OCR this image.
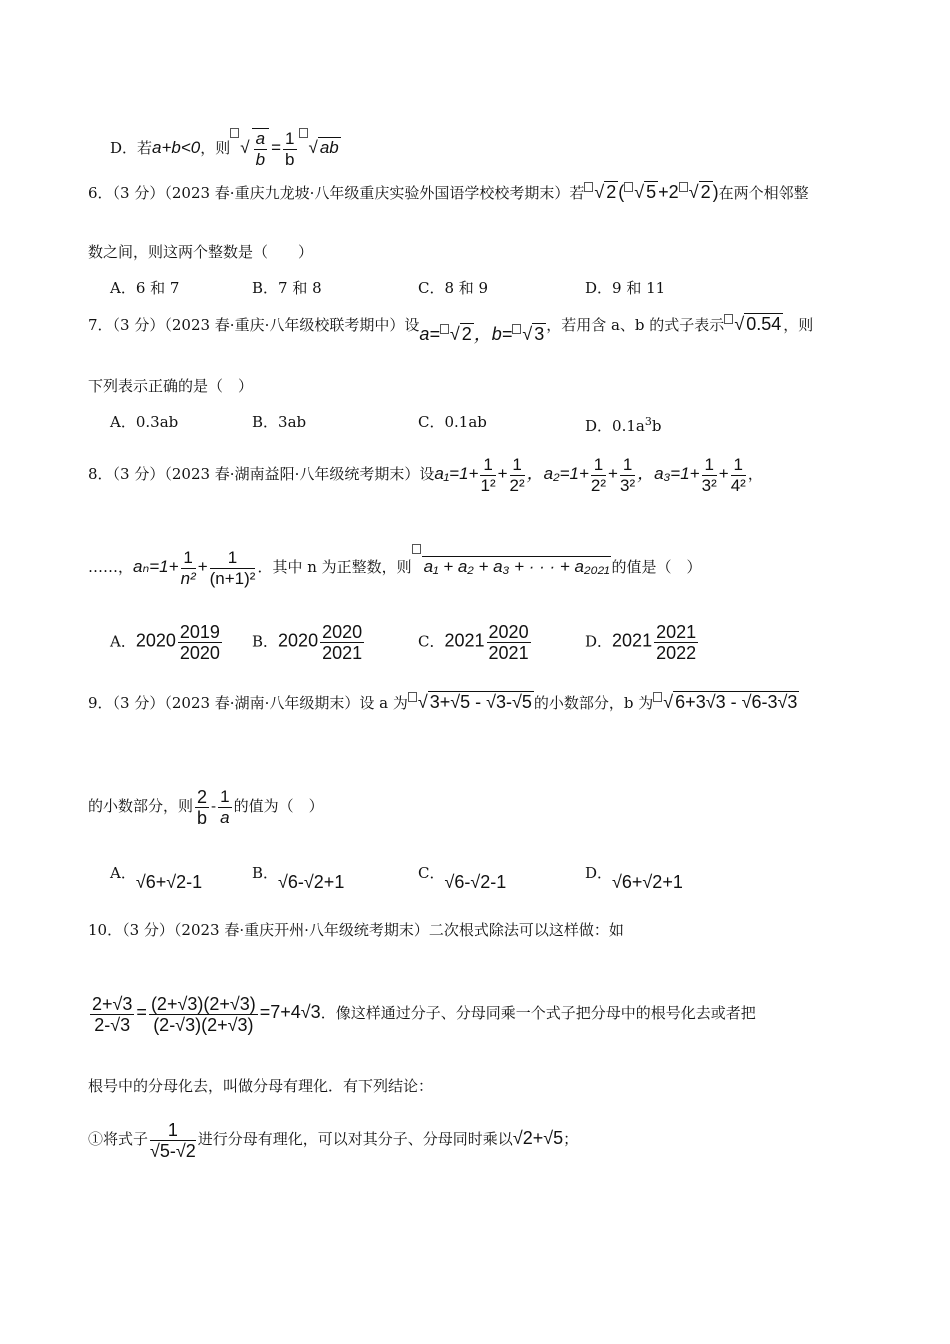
D．若a+b<0，则 √ $\frac{a}{b} = \frac{1}{b}$ √ ab
6．（3 分）（2023 春·重庆九龙坡·八年级重庆实验外国语学校校考期末）若 √ 2 ( √ 5 +2 √ 2 )在两个相邻整
数之间，则这两个整数是（　　）
A．6 和 7	B．7 和 8	C．8 和 9	D．9 和 11
7．（3 分）（2023 春·重庆·八年级校联考期中）设a= √ 2 ，b= √ 3 ，若用含 a、b 的式子表示 √ 0.54 ，则
下列表示正确的是（　）
A．0.3ab	B．3ab	C．0.1ab	D．$0.1a^3b$
8．（3 分）（2023 春·湖南益阳·八年级统考期末）设$a_1=1+ \frac{1}{\text{1²}} + \frac{1}{\text{2²}}$ ，$a_2=1+ \frac{1}{\text{2²}} + \frac{1}{\text{3²}}$ ，$a_3=1+ \frac{1}{\text{3²}} + \frac{1}{\text{4²}}$ ，
……，$a_n=1+ \frac{1}{\text{n²}} + \frac{1}{\text{(n+1)²}}$ ．其中 n 为正整数，则 a₁ + a₂ + a₃ + · · · + a₂₀₂₁ 的值是（　）
A．$2020 \frac{2019}{2020}$ B．$2020 \frac{2020}{2021}$	C．$2021 \frac{2020}{2021}$	D．$2021 \frac{2021}{2022}$
9．（3 分）（2023 春·湖南·八年级期末）设 a 为 √ 3+√5 - √3-√5 的小数部分，b 为 √ 6+3√3 - √6-3√3
的小数部分，则 $\frac{2}{b} - \frac{1}{a}$ 的值为（　）
A．√6+√2-1	B．√6-√2+1	C．√6-√2-1	D．√6+√2+1
10．（3 分）（2023 春·重庆开州·八年级统考期末）二次根式除法可以这样做：如
$\frac{2+√3}{2-√3} = \frac{(2+√3)(2+√3)}{(2-√3)(2+√3)} =7+4√3$．像这样通过分子、分母同乘一个式子把分母中的根号化去或者把
根号中的分母化去，叫做分母有理化．有下列结论：
①将式子 $\frac{1}{√5-√2}$ 进行分母有理化，可以对其分子、分母同时乘以√2+√5；
